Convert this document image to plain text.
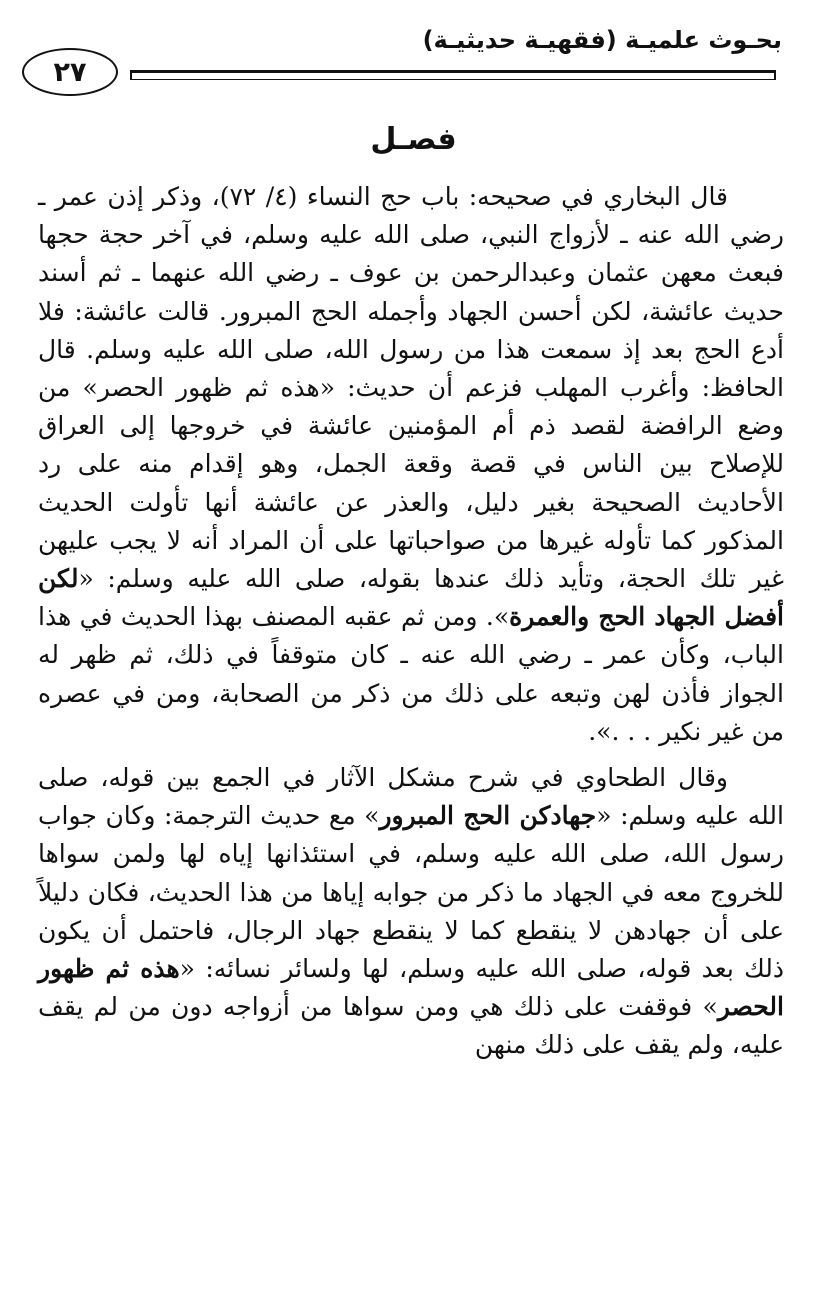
بحـوث علميـة (فقهيـة حديثيـة)
٢٧
فصـل

قال البخاري في صحيحه: باب حج النساء (٤/ ٧٢)، وذكر إذن عمر ـ رضي الله عنه ـ لأزواج النبي، صلى الله عليه وسلم، في آخر حجة حجها فبعث معهن عثمان وعبدالرحمن بن عوف ـ رضي الله عنهما ـ ثم أسند حديث عائشة، لكن أحسن الجهاد وأجمله الحج المبرور. قالت عائشة: فلا أدع الحج بعد إذ سمعت هذا من رسول الله، صلى الله عليه وسلم. قال الحافظ: وأغرب المهلب فزعم أن حديث: «هذه ثم ظهور الحصر» من وضع الرافضة لقصد ذم أم المؤمنين عائشة في خروجها إلى العراق للإصلاح بين الناس في قصة وقعة الجمل، وهو إقدام منه على رد الأحاديث الصحيحة بغير دليل، والعذر عن عائشة أنها تأولت الحديث المذكور كما تأوله غيرها من صواحباتها على أن المراد أنه لا يجب عليهن غير تلك الحجة، وتأيد ذلك عندها بقوله، صلى الله عليه وسلم: «لكن أفضل الجهاد الحج والعمرة». ومن ثم عقبه المصنف بهذا الحديث في هذا الباب، وكأن عمر ـ رضي الله عنه ـ كان متوقفاً في ذلك، ثم ظهر له الجواز فأذن لهن وتبعه على ذلك من ذكر من الصحابة، ومن في عصره من غير نكير . . .».

وقال الطحاوي في شرح مشكل الآثار في الجمع بين قوله، صلى الله عليه وسلم: «جهادكن الحج المبرور» مع حديث الترجمة: وكان جواب رسول الله، صلى الله عليه وسلم، في استئذانها إياه لها ولمن سواها للخروج معه في الجهاد ما ذكر من جوابه إياها من هذا الحديث، فكان دليلاً على أن جهادهن لا ينقطع كما لا ينقطع جهاد الرجال، فاحتمل أن يكون ذلك بعد قوله، صلى الله عليه وسلم، لها ولسائر نسائه: «هذه ثم ظهور الحصر» فوقفت على ذلك هي ومن سواها من أزواجه دون من لم يقف عليه، ولم يقف على ذلك منهن
